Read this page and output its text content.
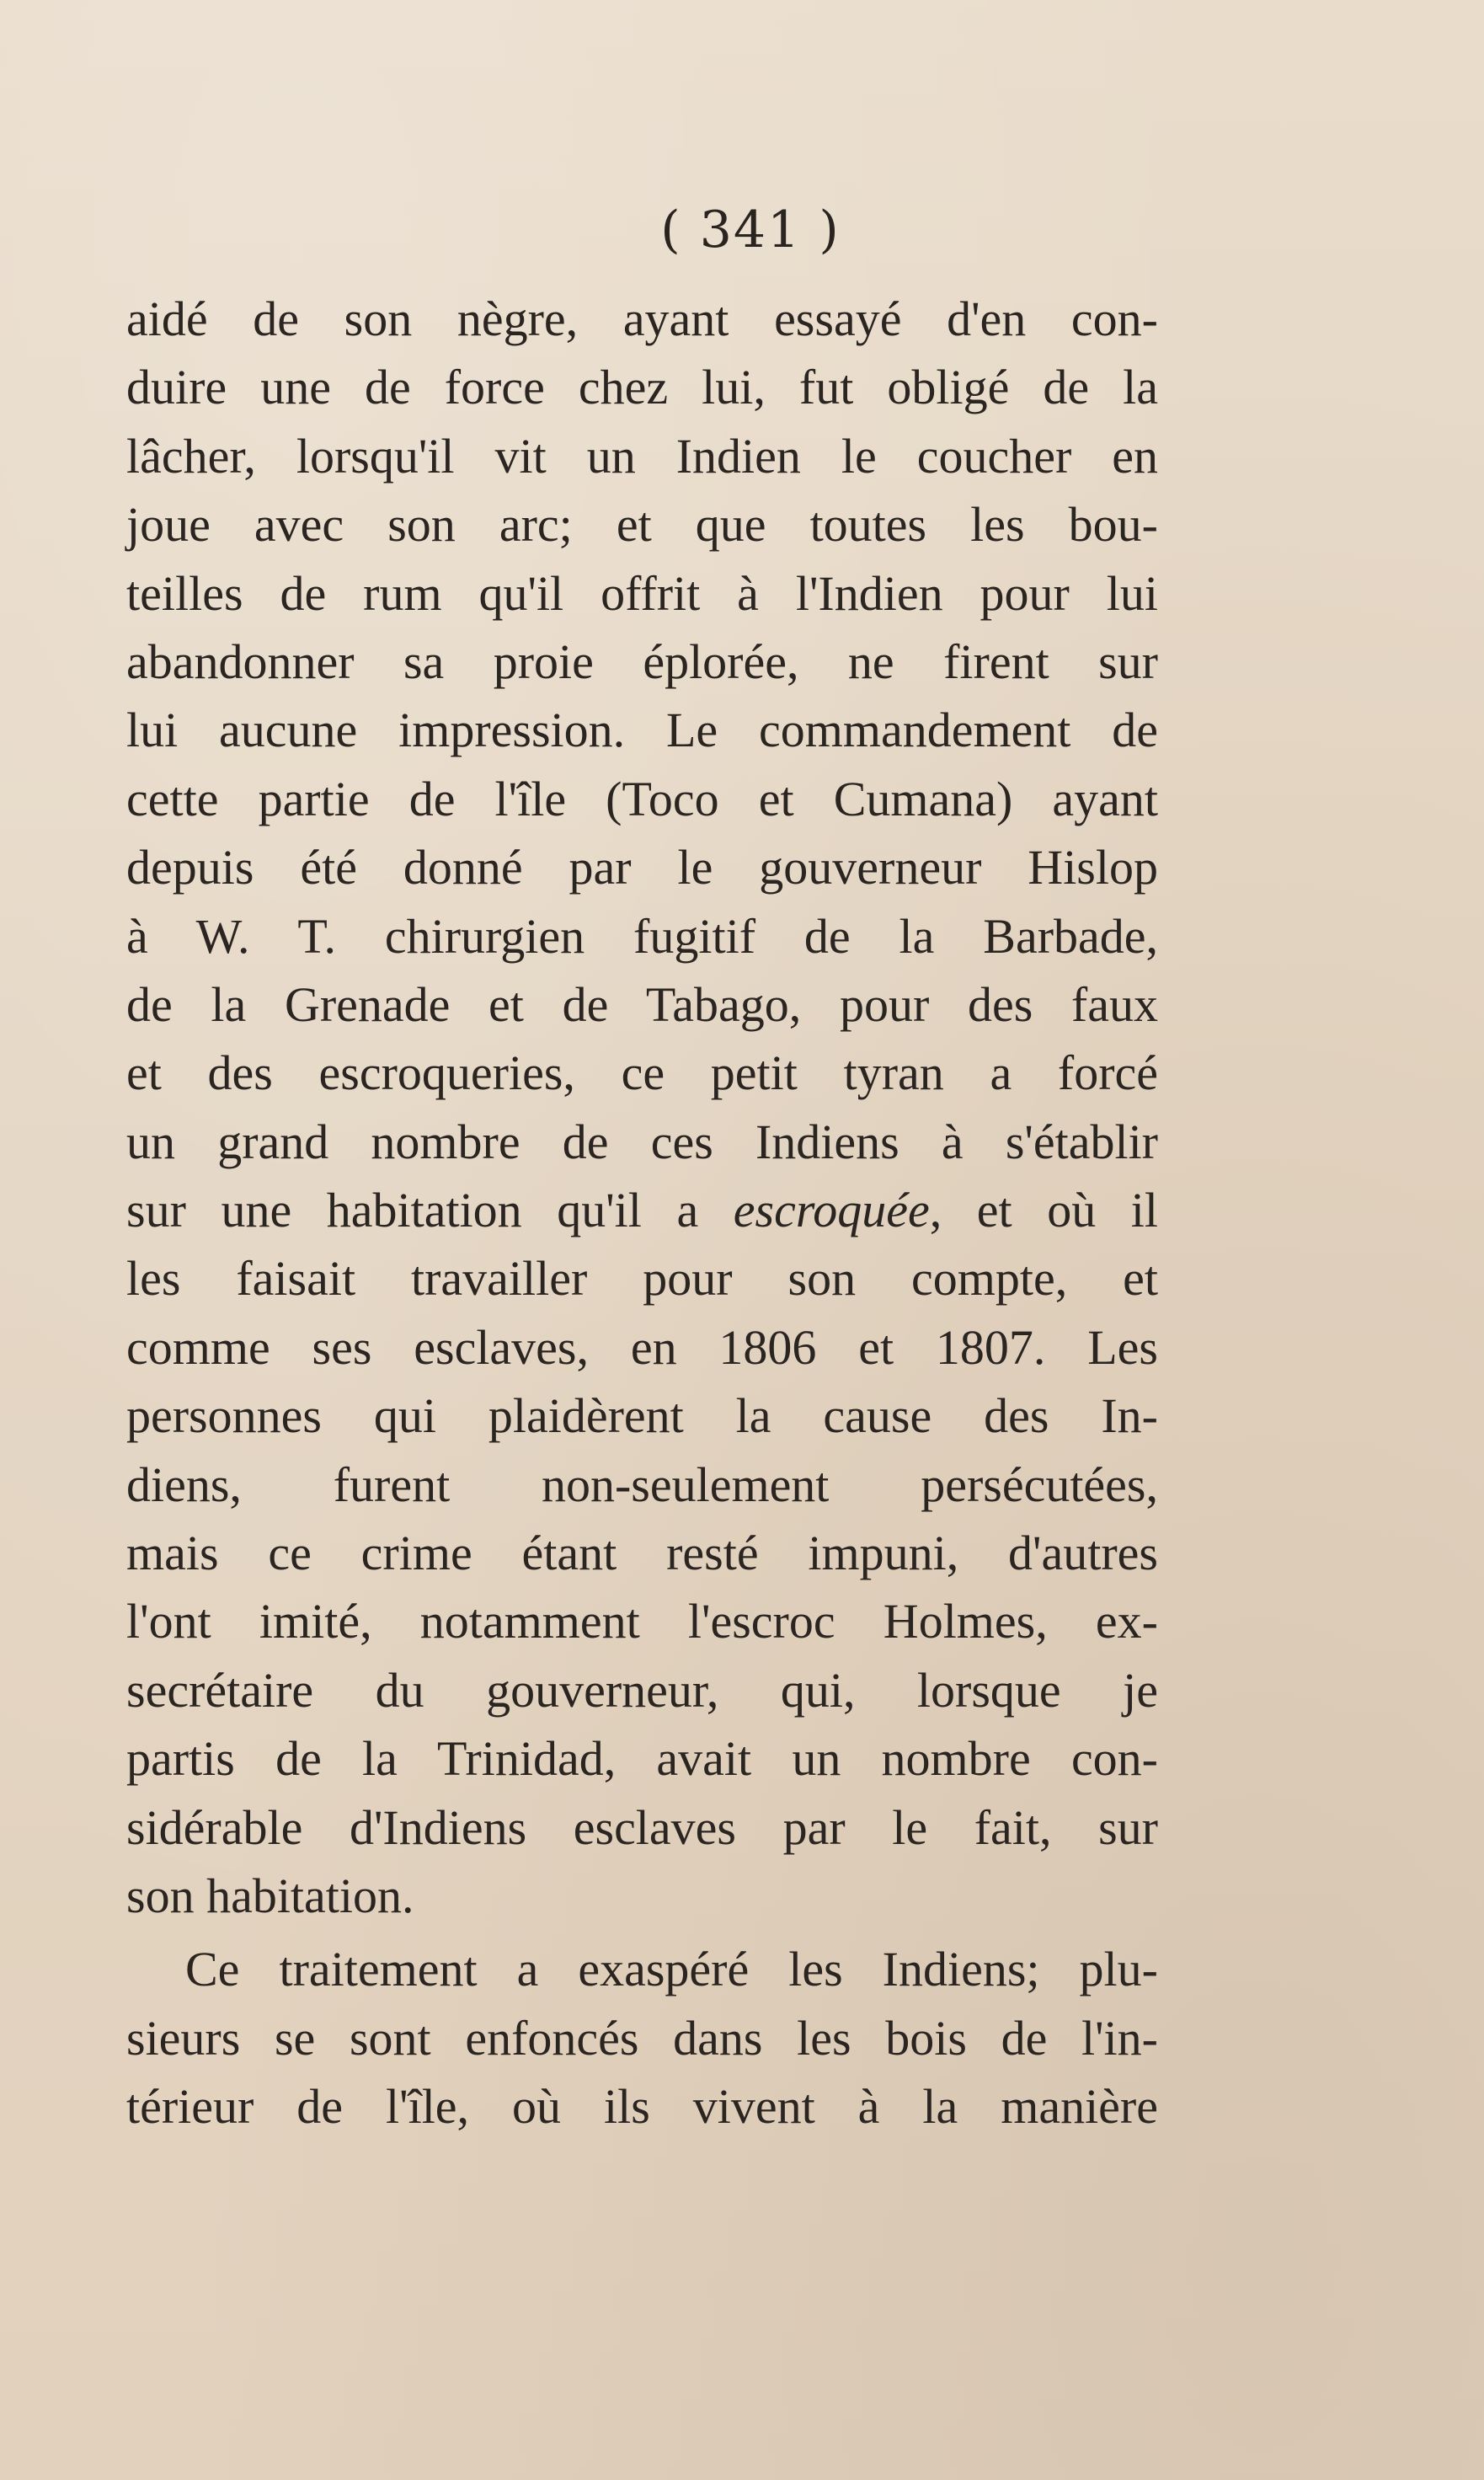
( 341 )
aidé de son nègre, ayant essayé d'en con-
duire une de force chez lui, fut obligé de la
lâcher, lorsqu'il vit un Indien le coucher en
joue avec son arc; et que toutes les bou-
teilles de rum qu'il offrit à l'Indien pour lui
abandonner sa proie éplorée, ne firent sur
lui aucune impression. Le commandement de
cette partie de l'île (Toco et Cumana) ayant
depuis été donné par le gouverneur Hislop
à W. T. chirurgien fugitif de la Barbade,
de la Grenade et de Tabago, pour des faux
et des escroqueries, ce petit tyran a forcé
un grand nombre de ces Indiens à s'établir
sur une habitation qu'il a escroquée, et où il
les faisait travailler pour son compte, et
comme ses esclaves, en 1806 et 1807. Les
personnes qui plaidèrent la cause des In-
diens, furent non-seulement persécutées,
mais ce crime étant resté impuni, d'autres
l'ont imité, notamment l'escroc Holmes, ex-
secrétaire du gouverneur, qui, lorsque je
partis de la Trinidad, avait un nombre con-
sidérable d'Indiens esclaves par le fait, sur
son habitation.
Ce traitement a exaspéré les Indiens; plu-
sieurs se sont enfoncés dans les bois de l'in-
térieur de l'île, où ils vivent à la manière
